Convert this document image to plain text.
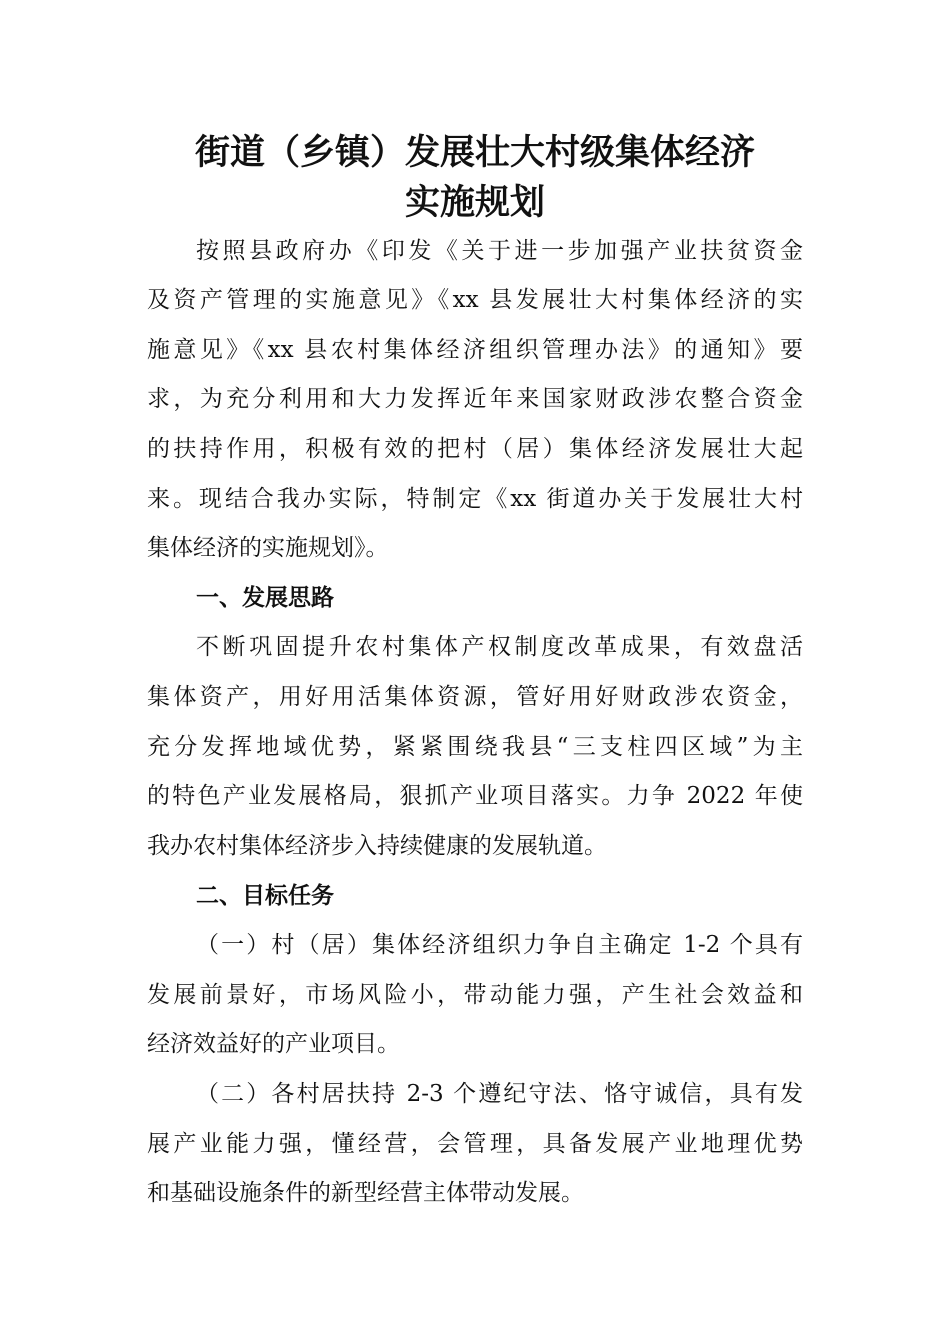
街道（乡镇）发展壮大村级集体经济
实施规划
按照县政府办《印发《关于进一步加强产业扶贫资金
及资产管理的实施意见》《xx 县发展壮大村集体经济的实
施意见》《xx 县农村集体经济组织管理办法》的通知》要
求，为充分利用和大力发挥近年来国家财政涉农整合资金
的扶持作用，积极有效的把村（居）集体经济发展壮大起
来。现结合我办实际，特制定《xx 街道办关于发展壮大村
集体经济的实施规划》。
一、发展思路
不断巩固提升农村集体产权制度改革成果，有效盘活
集体资产，用好用活集体资源，管好用好财政涉农资金，
充分发挥地域优势，紧紧围绕我县“三支柱四区域”为主
的特色产业发展格局，狠抓产业项目落实。力争 2022 年使
我办农村集体经济步入持续健康的发展轨道。
二、目标任务
（一）村（居）集体经济组织力争自主确定 1-2 个具有
发展前景好，市场风险小，带动能力强，产生社会效益和
经济效益好的产业项目。
（二）各村居扶持 2-3 个遵纪守法、恪守诚信，具有发
展产业能力强，懂经营，会管理，具备发展产业地理优势
和基础设施条件的新型经营主体带动发展。
